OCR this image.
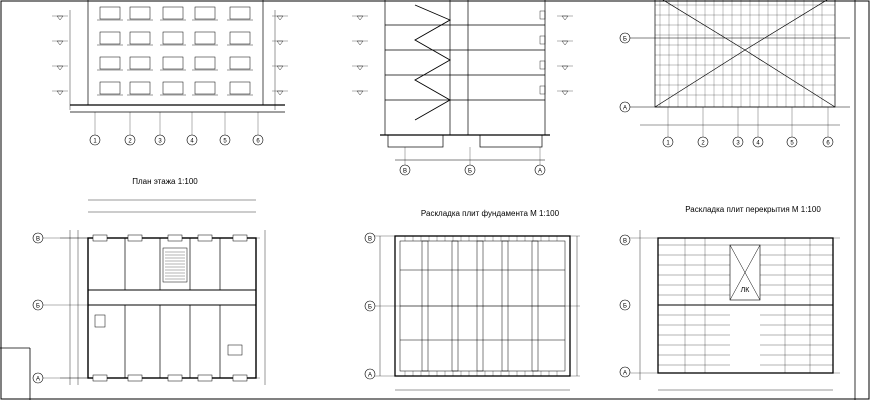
1	2	3	4	5	6
В	Б	А
1	2	3	4	5	6
А
Б
План этажа 1:100
В
Б
А
Раскладка плит фундамента М 1:100
В
Б
А
Раскладка плит перекрытия М 1:100
В
Б
А
ЛК
